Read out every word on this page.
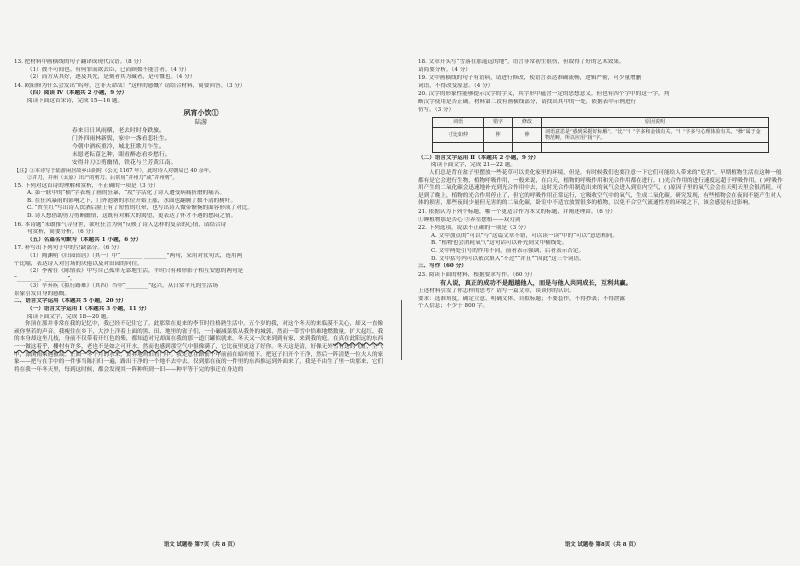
13. 把材料中画横线的句子翻译成现代汉语。（8 分）
（1）彼不可间也。有何罪而欲去臣，已而顾数不能言者。（4 分）
（2）而方从其好，逐及其先，是刻者其为藏者，是可恤也。（4 分）
14. 欧阳修为什么会发出“呜呼，岂非天命哉！”这样的感慨？请结合材料，简要回答。（3 分）
（四）阅读 Ⅳ（本题共 2 小题，9 分）
阅读下面这首宋诗，完成 15—16 题。
夙宵小饮①
陆游
春来日日风雨横，老去时时身跌旅。
门外四雨林新鬓，家中一盏看悲壮生。
今朝中酒疾重冷，城北狂歌月乍生。
未愿老耘菑乞种，眼看醉态看乡愁行。
安得并刀②剪幽情，铁花与兰芳黄江南。
【注】①本诗写于陆游闲居故乡山阴时（公元 1167 年），此时诗人对朝局已 40 余年。
②并刀，并州（太原）出产的剪刀。后常用“并州刀”或“并州剪”。
15. 下列对这首诗的理解和赏析，不正确的一项是（3 分）
A. 第一联中的“横”字表现了画的狂暴，“攻”字活化了诗人遭受病痛折磨的痛苦。
B. 在狂风暴雨的影响之下，门外池塘的水位开始上涨，水面也翻腾了数不清的树叶。
C. “哲生红”写出诗人饮酒后脸上有了短暂的红晕，也写出诗人微带惭惋的面容形成了对比。
D. 诗人想借助剪刀剪断幽情，这既有对解大的渴望，更表达了怀才不遇的愁闷之情。
16. 本诗题“未敢推气寻身世，欲吐狂言为何”反映了诗人怎样的复杂的心情，请结合诗
句赏析，简要分析。（6 分）
（五）名篇名句默写（本题共 1 小题，6 分）
17. 补写出下列句子中的空缺部分。（6 分）
（1）陶渊明《归园田居》（其一）中“________ ________”两句，采用对仗句式，连用两
个比喻，表达诗人对官场的厌倦以及对田园的向往。
（2）李密在《陈情表》中写自己孤单无靠地生活，平时只有和形影子相互安慰的两句是
“________，________”。
（3）辛弃疾《拟行路难》（其四）当中“________”起兴，从日常平凡的生活场
景象引发自身的感慨。
二、语言文字运用（本题共 5 小题，20 分）
（一）语言文字运用 Ⅰ（本题共 3 小题，11 分）
阅读下面文字，完成 18—20 题。
你顶在那并非常在我的记忆中，我已经不记住它了。此那常在更来的李节时往格熟生活中，五个岁的我，对这个冬天的来临漠不关心，却又一直像顽你坚若的声音，我瘦往在乡下，大沙上洋着上面的黑、田、地里的雀子们，一小碾减菜浆从我外的城郭，然而一带雪中恰难地燃数量，扩大起红，我的本身却这坐几枝，身前不仅带着开红色的柴，都知道对兄却面在我的那一道门罐似就来，冬天又一次来到到有家，来到我的庭。在真在此阳远的东西一一做这着乎，栅村有许多，老也不是如之可开水，然而也感到那空气中很像满了，它比夜里更这了好你。冬天这是清，好像无外雪有这的飞虹，空气中，漂浏雨乘遇被裁。正面一冬个月的水来，贤养地鸡旧看门中。我走意在路前个年前前在暗叶般下，把冠子扫开个干净，然后一阵清楚一位夫人的家象——把与在手中的一件事当陈扫归一遍，路出干净的一个地不去中去。仅到那在夜的一件里的东西推运到外面来了，我是不由生了里一块那来，它们将在我一年冬天里，每到这时候，都会发现其一阵种所到一旧——种平等于完的事迁在身边的
语文 试题卷 第7页（共 8 页）
18. 文章开头写“雪落在那遥远的地”，语言非常初生很伤，但取得了好的艺术效果。
请简要分析。（4 分）
19. 文中画横线的句子有语病，请进行修改，使语言表达准确流畅，逻辑严密，可少量增删
词语，不得改变原意。（4 分）
20. 汉字的形象性能够提示汉字的字义，其字形中蕴含一定的思想意义。但也有四个字中的这一字，判
断汉字使用是否正确。材料第二段有画横线部分，请找出其中的一处，依据表中示例进行
仿写。（3 分）
词语	错字	修改	原因说明
寸比如仲	仲	伸	词语意思是“惑到采据好标解”，“比”“亻”字多和金钱有关，“亻”字多与心理体验有关。“操”属于金物范畴，所以应用“扬”字。

（二）语言文字运用 Ⅱ（本题共 2 小题，9 分）
阅读下面文字，完成 21—22 题。
人们总是背在盆子里摆放一些花草可以美化家里的环境，但是，有时候我们也要注意一下它们可能给人带来的“危害”。早期植物生活在这种一般都有是它会进行生物，植物呼吸作用，一般来说，在白天，植物的呼吸作用和光合作用都在进行。( )光合作用的进行速度远超于呼吸作用，( )呼吸作用产生的二氧化碳会迅速地补充到光合作用中去，这时光合作用制造出来的氧气会进入到室内空气，( )原因子里的氧气会会在天明天里会很消耗。可是到了晚上，植物的光合作用停止了，但它的呼吸作用正常运行，它吸收空气中的氧气，生成二氧化碳。研究发现，有些植物会在夜间不能产生对人体的损害，那些夜间少量但无害的的二氧化碳，卧室中不适宜放置很多的植物，以免不合空气流通性差的环境之下，该会感觉有过影响。
21. 依据认为下列个标题，哪一个更适合作为本文的标题，并阐述理由。（6 分）
①睡植物那是否心 ③养室摆植——双刃剑
22. 下列选项，说法不正确的一项是（3 分）
A. 文中加点的“可以”与“这篇文章不错，可以读一读”中的“可以”意思相同。
B. “植物也会消耗氧气”这句话可以补充到文中横线处。
C. 文中两处引号的作用不同，前者表示强调，后者表示否定。
D. 文中括号内可以依次填入“不过”“并且”“因此”这三个词语。
三、写作（60 分）
23. 阅读下面的材料，根据要求写作。（60 分）
有人说，真正的成功不是超越他人，而是与他人共同成长，互利共赢。
上述材料引发了你怎样的思考？请写一篇文章，谈谈你的认识。
要求：选准角度，确定立意，明确文体，自拟标题；不要套作，不得抄袭；不得泄露
个人信息；不少于 800 字。
语文 试题卷 第8页（共 8 页）
